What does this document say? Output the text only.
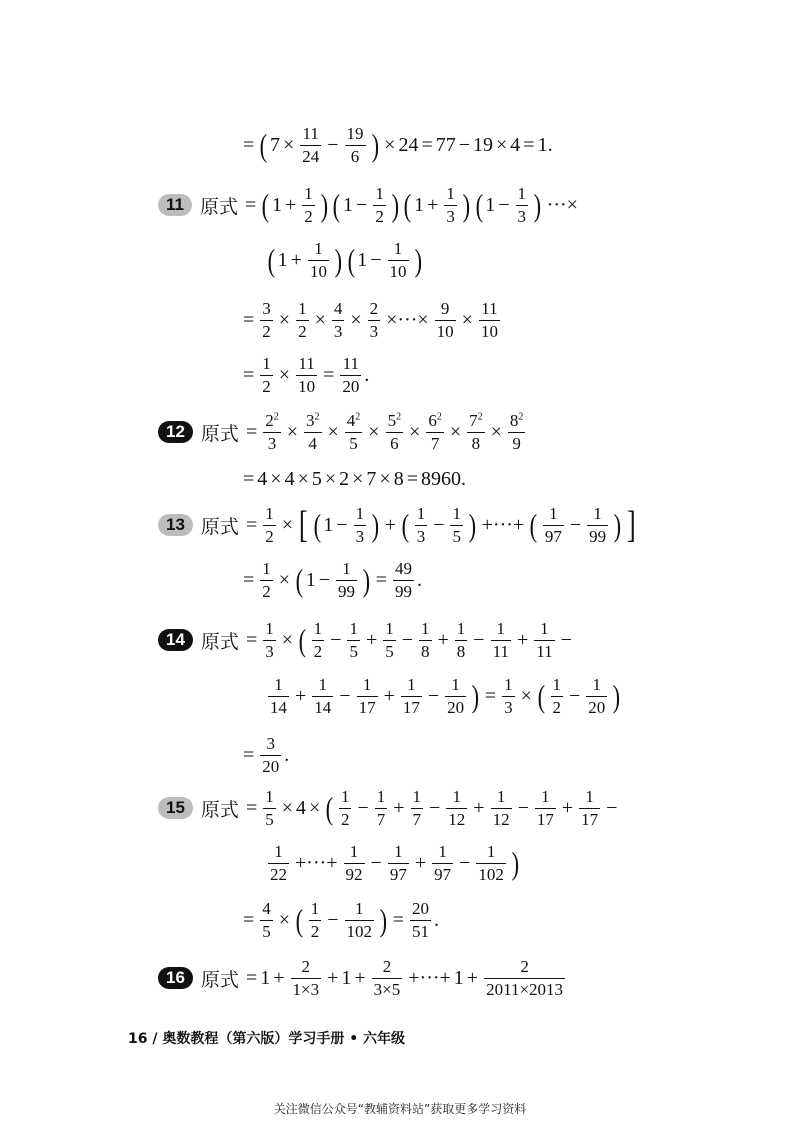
= ( $7 \times \frac{11}{24} - \frac{19}{6}$ ) × 24 = 77 − 19 × 4 = 1.
11 原式 = ( $1 + \frac{1}{2}$ ) ( $1 - \frac{1}{2}$ ) ( $1 + \frac{1}{3}$ ) ( $1 - \frac{1}{3}$ ) ···×
( $1 + \frac{1}{10}$ ) ( $1 - \frac{1}{10}$ )
= $\frac{3}{2} \times \frac{1}{2} \times \frac{4}{3} \times \frac{2}{3}$ ×···× $\frac{9}{10} \times \frac{11}{10}$
= $\frac{1}{2} \times \frac{11}{10} = \frac{11}{20}$ .
12 原式 = $\frac{2^2}{3} \times \frac{3^2}{4} \times \frac{4^2}{5} \times \frac{5^2}{6} \times \frac{6^2}{7} \times \frac{7^2}{8} \times \frac{8^2}{9}$
= 4 × 4 × 5 × 2 × 7 × 8 = 8960.
13 原式 = $\frac{1}{2}$ × [ ( $1 - \frac{1}{3}$ ) + ( $\frac{1}{3} - \frac{1}{5}$ ) +···+ ( $\frac{1}{97} - \frac{1}{99}$ ) ]
= $\frac{1}{2}$ × ( $1 - \frac{1}{99}$ ) = $\frac{49}{99}$ .
14 原式 = $\frac{1}{3}$ × ( $\frac{1}{2} - \frac{1}{5} + \frac{1}{5} - \frac{1}{8} + \frac{1}{8} - \frac{1}{11} + \frac{1}{11}$ −
$\frac{1}{14} + \frac{1}{14} - \frac{1}{17} + \frac{1}{17} - \frac{1}{20}$ ) = $\frac{1}{3}$ × ( $\frac{1}{2} - \frac{1}{20}$ )
= $\frac{3}{20}$ .
15 原式 = $\frac{1}{5} \times 4$ × ( $\frac{1}{2} - \frac{1}{7} + \frac{1}{7} - \frac{1}{12} + \frac{1}{12} - \frac{1}{17} + \frac{1}{17}$ −
$\frac{1}{22}$ +···+ $\frac{1}{92} - \frac{1}{97} + \frac{1}{97} - \frac{1}{102}$ )
= $\frac{4}{5}$ × ( $\frac{1}{2} - \frac{1}{102}$ ) = $\frac{20}{51}$ .
16 原式 = $1 + \frac{2}{1\times 3} + 1 + \frac{2}{3\times 5}$ +···+ $1 + \frac{2}{2011\times 2013}$
16 / 奥数教程（第六版）学习手册 • 六年级
关注微信公众号“教辅资料站”获取更多学习资料
